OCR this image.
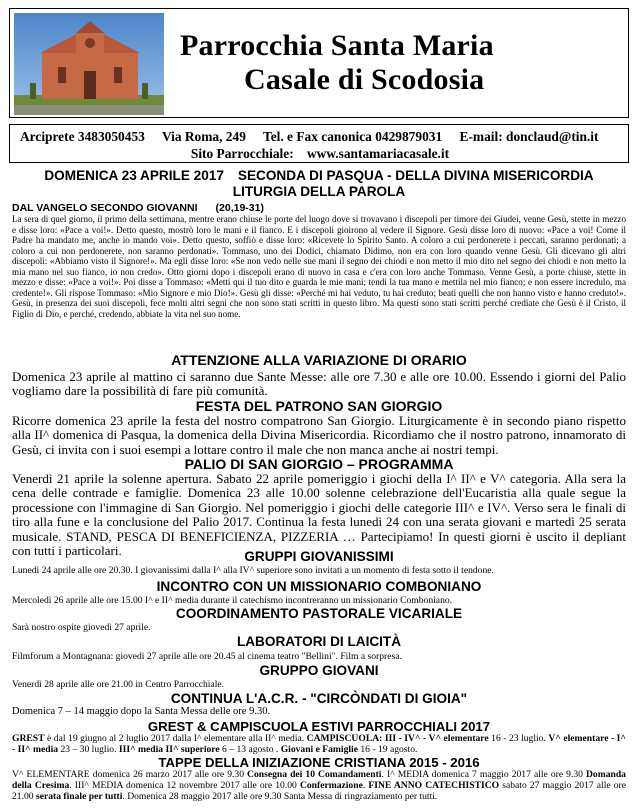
Parrocchia Santa Maria
Casale di Scodosia
Arciprete 3483050453 Via Roma, 249 Tel. e Fax canonica 0429879031 E-mail: donclaud@tin.it
Sito Parrocchiale: www.santamariacasale.it
DOMENICA 23 APRILE 2017 SECONDA DI PASQUA - DELLA DIVINA MISERICORDIA
LITURGIA DELLA PAROLA
DAL VANGELO SECONDO GIOVANNI (20,19-31)
La sera di quel giorno, il primo della settimana, mentre erano chiuse le porte del luogo dove si trovavano i discepoli per timore dei Giudei, venne Gesù, stette in mezzo e disse loro: «Pace a voi!». Detto questo, mostrò loro le mani e il fianco. E i discepoli gioirono al vedere il Signore. Gesù disse loro di nuovo: «Pace a voi! Come il Padre ha mandato me, anche io mando voi». Detto questo, soffiò e disse loro: «Ricevete lo Spirito Santo. A coloro a cui perdonerete i peccati, saranno perdonati; a coloro a cui non perdonerete, non saranno perdonati». Tommaso, uno dei Dodici, chiamato Didimo, non era con loro quando venne Gesù. Gli dicevano gli altri discepoli: «Abbiamo visto il Signore!». Ma egli disse loro: «Se non vedo nelle sue mani il segno dei chiodi e non metto il mio dito nel segno dei chiodi e non metto la mia mano nel suo fianco, io non credo». Otto giorni dopo i discepoli erano di nuovo in casa e c'era con loro anche Tommaso. Venne Gesù, a porte chiuse, stette in mezzo e disse: «Pace a voi!». Poi disse a Tommaso: «Metti qui il tuo dito e guarda le mie mani; tendi la tua mano e mettila nel mio fianco; e non essere incredulo, ma credente!». Gli rispose Tommaso: «Mio Signore e mio Dio!». Gesù gli disse: «Perché mi hai veduto, tu hai creduto; beati quelli che non hanno visto e hanno creduto!». Gesù, in presenza dei suoi discepoli, fece molti altri segni che non sono stati scritti in questo libro. Ma questi sono stati scritti perché crediate che Gesù è il Cristo, il Figlio di Dio, e perché, credendo, abbiate la vita nel suo nome.
ATTENZIONE ALLA VARIAZIONE DI ORARIO
Domenica 23 aprile al mattino ci saranno due Sante Messe: alle ore 7.30 e alle ore 10.00. Essendo i giorni del Palio vogliamo dare la possibilità di fare più comunità.
FESTA DEL PATRONO SAN GIORGIO
Ricorre domenica 23 aprile la festa del nostro compatrono San Giorgio. Liturgicamente è in secondo piano rispetto alla II^ domenica di Pasqua, la domenica della Divina Misericordia. Ricordiamo che il nostro patrono, innamorato di Gesù, ci invita con i suoi esempi a lottare contro il male che non manca anche ai nostri tempi.
PALIO DI SAN GIORGIO – PROGRAMMA
Venerdì 21 aprile la solenne apertura. Sabato 22 aprile pomeriggio i giochi della I^ II^ e V^ categoria. Alla sera la cena delle contrade e famiglie. Domenica 23 alle 10.00 solenne celebrazione dell'Eucaristia alla quale segue la processione con l'immagine di San Giorgio. Nel pomeriggio i giochi delle categorie III^ e IV^. Verso sera le finali di tiro alla fune e la conclusione del Palio 2017. Continua la festa lunedì 24 con una serata giovani e martedì 25 serata musicale. STAND, PESCA DI BENEFICIENZA, PIZZERIA … Partecipiamo! In questi giorni è uscito il depliant con tutti i particolari.	GRUPPI GIOVANISSIMI
Lunedì 24 aprile alle ore 20.30. I giovanissimi dalla I^ alla IV^ superiore sono invitati a un momento di festa sotto il tendone.
INCONTRO CON UN MISSIONARIO COMBONIANO
Mercoledì 26 aprile alle ore 15.00 I^ e II^ media durante il catechismo incontreranno un missionario Comboniano.
COORDINAMENTO PASTORALE VICARIALE
Sarà nostro ospite giovedì 27 aprile.
LABORATORI DI LAICITÀ
Filmforum a Montagnana: giovedì 27 aprile alle ore 20.45 al cinema teatro "Bellini". Film a sorpresa.
GRUPPO GIOVANI
Venerdì 28 aprile alle ore 21.00 in Centro Parrocchiale.
CONTINUA L'A.C.R. - "CIRCÒNDATI DI GIOIA"
Domenica 7 – 14 maggio dopo la Santa Messa delle ore 9.30.
GREST & CAMPISCUOLA ESTIVI PARROCCHIALI 2017
GREST è dal 19 giugno al 2 luglio 2017 dalla I^ elementare alla II^ media. CAMPISCUOLA: III - IV^ - V^ elementare 16 - 23 luglio. V^ elementare - I^ - II^ media 23 – 30 luglio. III^ media II^ superiore 6 – 13 agosto . Giovani e Famiglie 16 - 19 agosto.
TAPPE DELLA INIZIAZIONE CRISTIANA 2015 - 2016
V^ ELEMENTARE domenica 26 marzo 2017 alle ore 9.30 Consegna dei 10 Comandamenti. I^ MEDIA domenica 7 maggio 2017 alle ore 9.30 Domanda della Cresima. III^ MEDIA domenica 12 novembre 2017 alle ore 10.00 Confermazione. FINE ANNO CATECHISTICO sabato 27 maggio 2017 alle ore 21.00 serata finale per tutti. Domenica 28 maggio 2017 alle ore 9.30 Santa Messa di ringraziamento per tutti.
